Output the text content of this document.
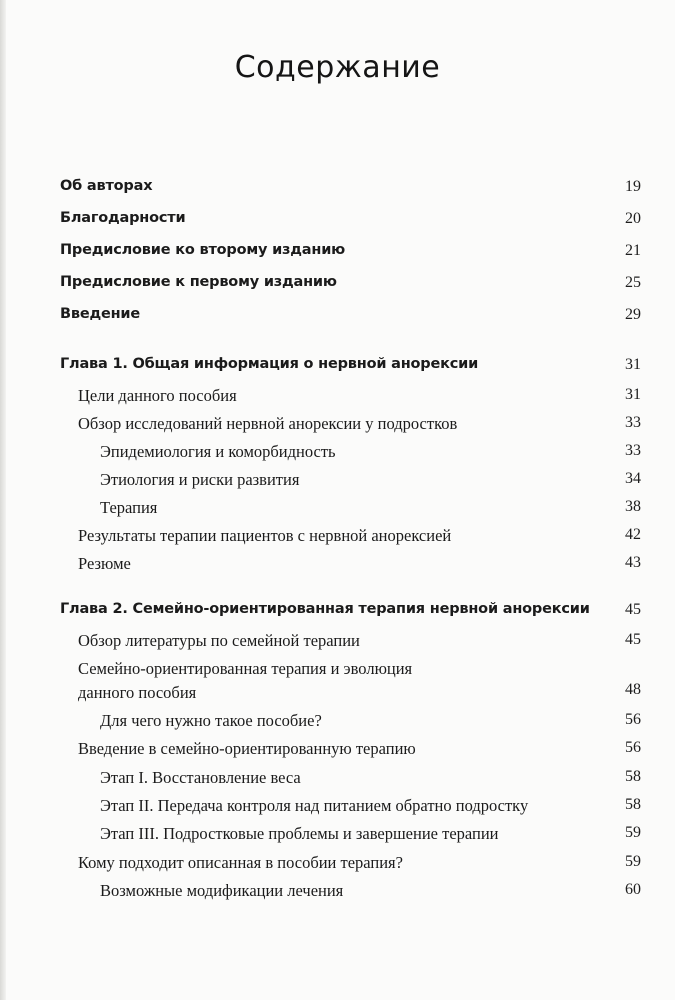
Содержание
Об авторах	19
Благодарности	20
Предисловие ко второму изданию	21
Предисловие к первому изданию	25
Введение	29
Глава 1. Общая информация о нервной анорексии	31
Цели данного пособия	31
Обзор исследований нервной анорексии у подростков	33
Эпидемиология и коморбидность	33
Этиология и риски развития	34
Терапия	38
Результаты терапии пациентов с нервной анорексией	42
Резюме	43
Глава 2. Семейно-ориентированная терапия нервной анорексии 45
Обзор литературы по семейной терапии	45
Семейно-ориентированная терапия и эволюция
данного пособия	48
Для чего нужно такое пособие?	56
Введение в семейно-ориентированную терапию	56
Этап I. Восстановление веса	58
Этап II. Передача контроля над питанием обратно подростку	58
Этап III. Подростковые проблемы и завершение терапии	59
Кому подходит описанная в пособии терапия?	59
Возможные модификации лечения	60
